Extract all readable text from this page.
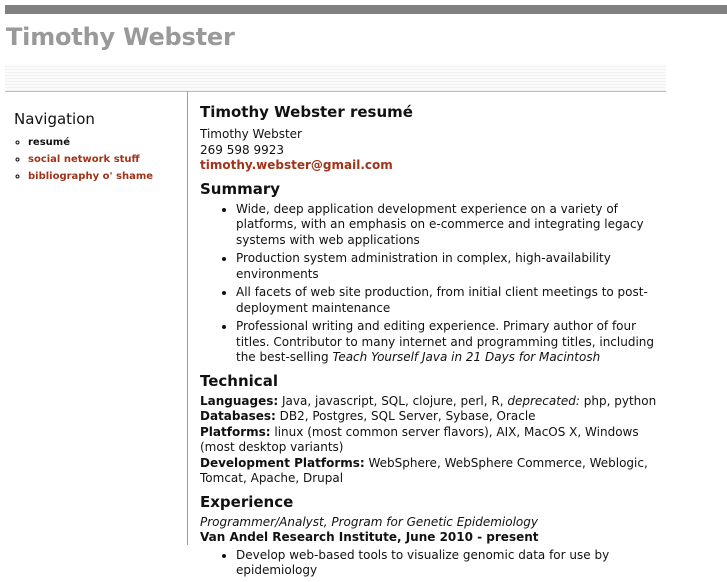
Timothy Webster
Navigation
◦ resumé
◦ social network stuff
◦ bibliography o' shame
Timothy Webster resumé

Timothy Webster

269 598 9923

timothy.webster@gmail.com

Summary
• Wide, deep application development experience on a variety of platforms, with an emphasis on e-commerce and integrating legacy systems with web applications
• Production system administration in complex, high-availability environments
• All facets of web site production, from initial client meetings to post-deployment maintenance
• Professional writing and editing experience. Primary author of four titles. Contributor to many internet and programming titles, including the best-selling Teach Yourself Java in 21 Days for Macintosh
Technical

Languages: Java, javascript, SQL, clojure, perl, R, deprecated: php, python

Databases: DB2, Postgres, SQL Server, Sybase, Oracle

Platforms: linux (most common server flavors), AIX, MacOS X, Windows (most desktop variants)

Development Platforms: WebSphere, WebSphere Commerce, Weblogic, Tomcat, Apache, Drupal

Experience

Programmer/Analyst, Program for Genetic Epidemiology

Van Andel Research Institute, June 2010 - present

• Develop web-based tools to visualize genomic data for use by epidemiology
